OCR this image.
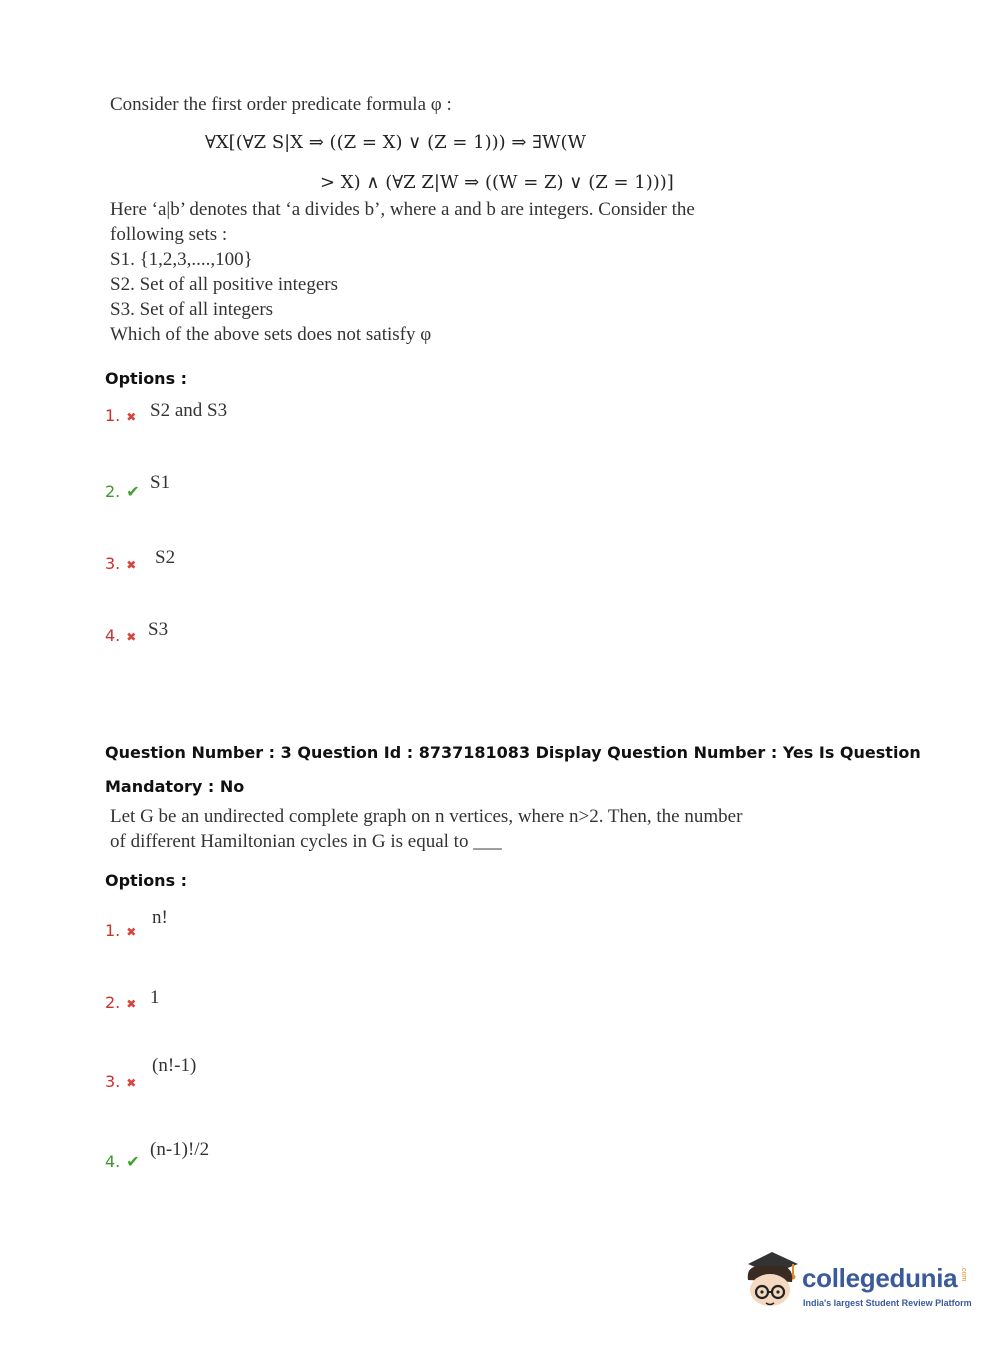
Consider the first order predicate formula φ :
∀X[(∀Z S|X ⇒ ((Z = X) ∨ (Z = 1))) ⇒ ∃W(W
> X) ∧ (∀Z Z|W ⇒ ((W = Z) ∨ (Z = 1)))]
Here ‘a|b’ denotes that ‘a divides b’, where a and b are integers. Consider the
following sets :
S1. {1,2,3,....,100}
S2. Set of all positive integers
S3. Set of all integers
Which of the above sets does not satisfy φ
Options :
1. ✖ S2 and S3
2. ✔ S1
3. ✖ S2
4. ✖ S3
Question Number : 3 Question Id : 8737181083 Display Question Number : Yes Is Question
Mandatory : No
Let G be an undirected complete graph on n vertices, where n>2. Then, the number
of different Hamiltonian cycles in G is equal to ___
Options :
1. ✖
n!
2. ✖ 1
3. ✖
(n!-1)
4. ✔
(n-1)!/2
collegedunia .com
India's largest Student Review Platform
